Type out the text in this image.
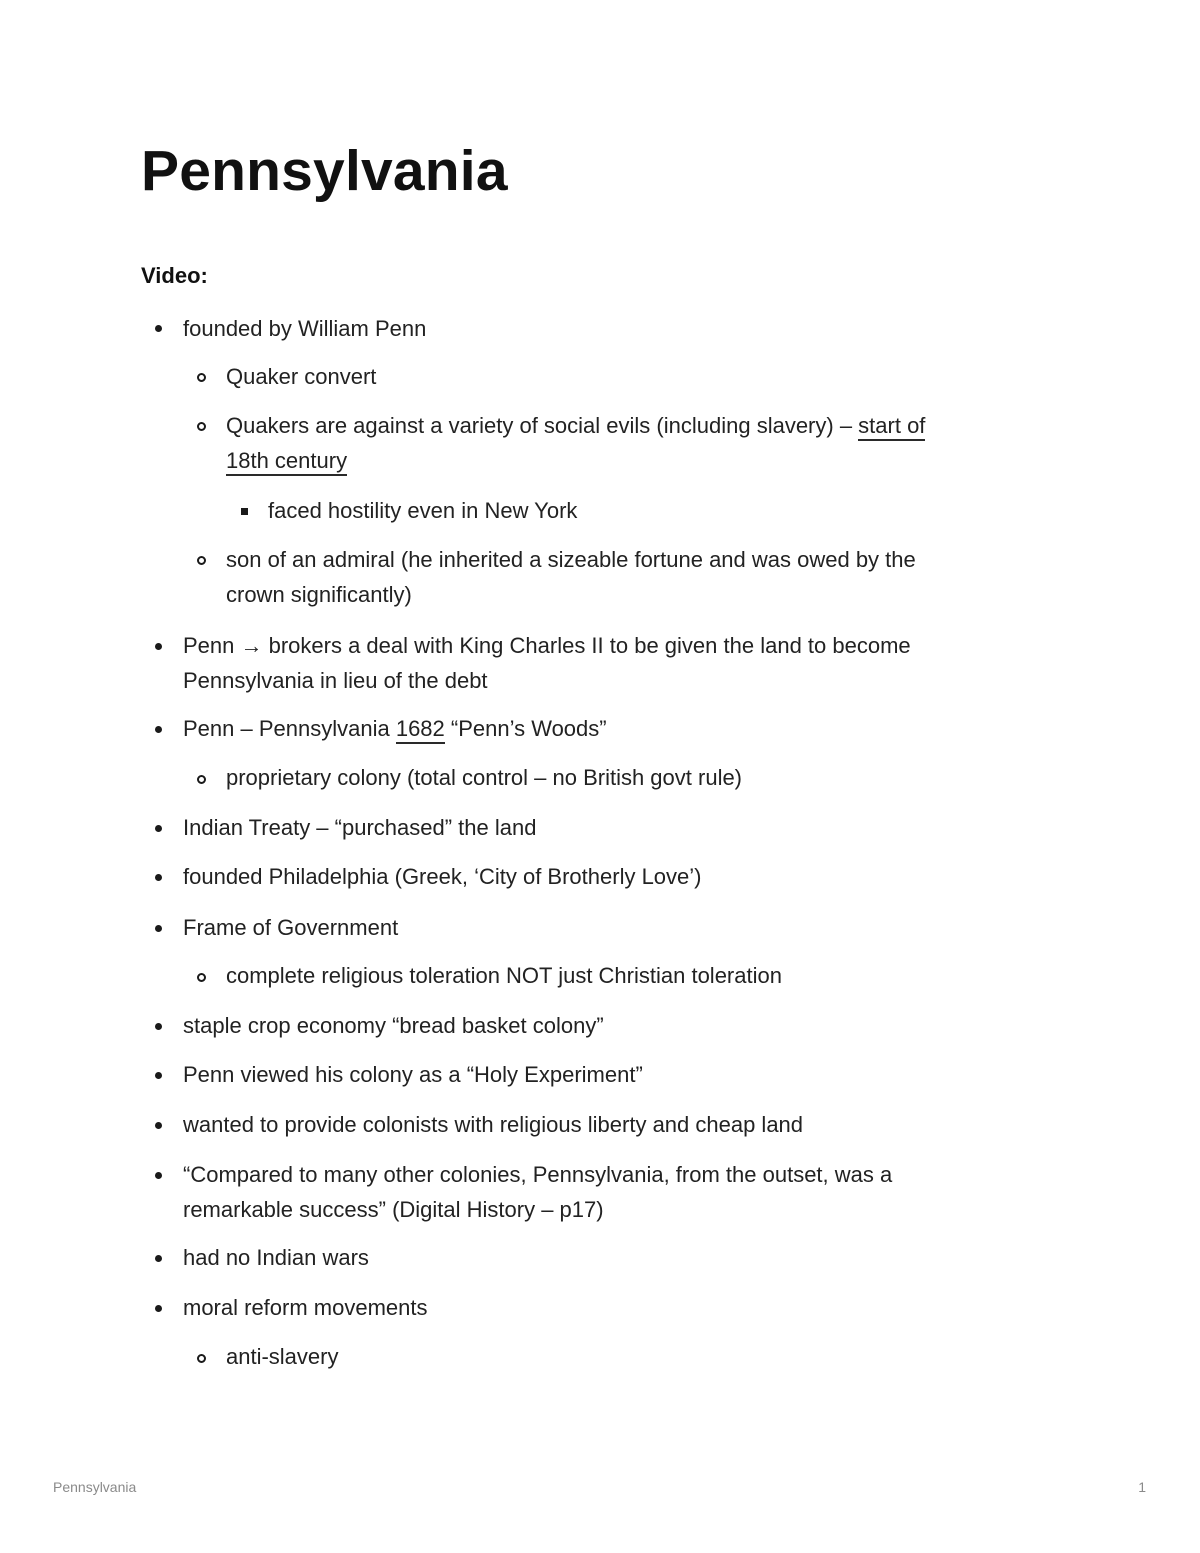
Pennsylvania
Video:
founded by William Penn
Quaker convert
Quakers are against a variety of social evils (including slavery) – start of
18th century
faced hostility even in New York
son of an admiral (he inherited a sizeable fortune and was owed by the
crown significantly)
Penn → brokers a deal with King Charles II to be given the land to become
Pennsylvania in lieu of the debt
Penn – Pennsylvania 1682 “Penn’s Woods”
proprietary colony (total control – no British govt rule)
Indian Treaty – “purchased” the land
founded Philadelphia (Greek, ‘City of Brotherly Love’)
Frame of Government
complete religious toleration NOT just Christian toleration
staple crop economy “bread basket colony”
Penn viewed his colony as a “Holy Experiment”
wanted to provide colonists with religious liberty and cheap land
“Compared to many other colonies, Pennsylvania, from the outset, was a
remarkable success” (Digital History – p17)
had no Indian wars
moral reform movements
anti-slavery
Pennsylvania	1
